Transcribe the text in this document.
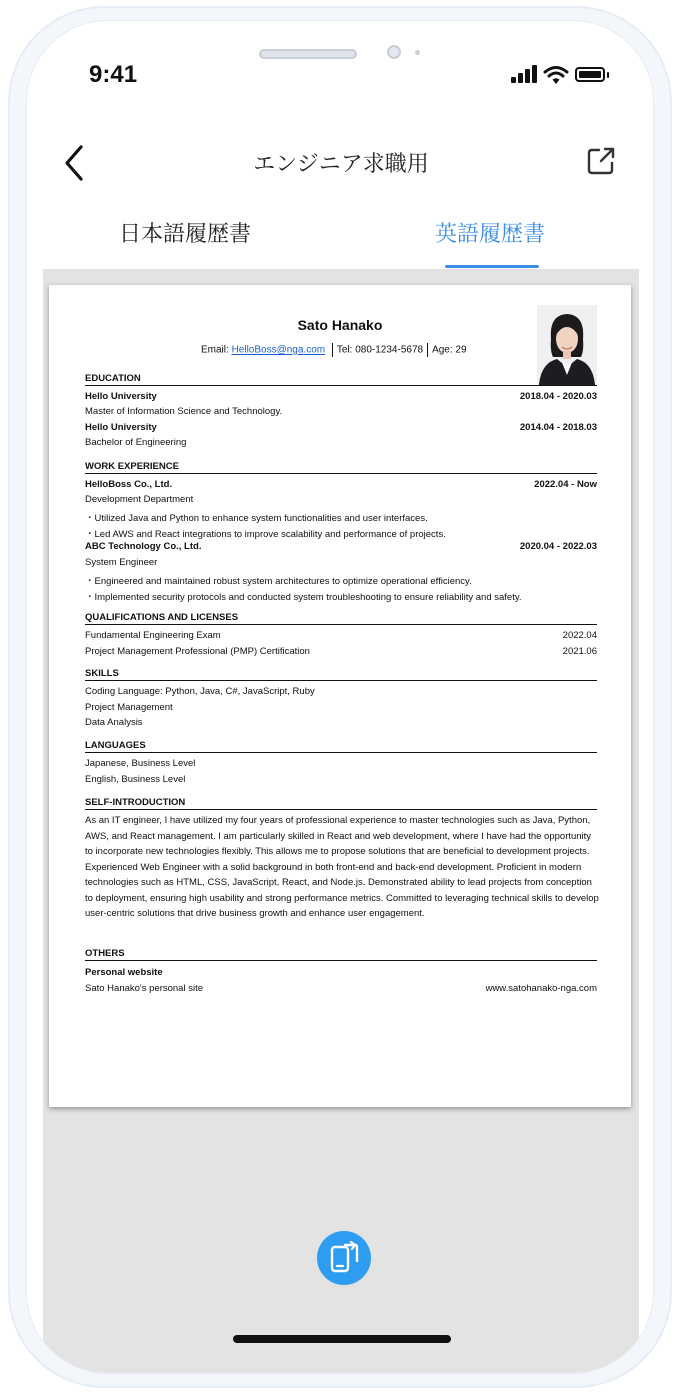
9:41
エンジニア求職用
日本語履歴書	英語履歴書
Sato Hanako
Email: HelloBoss@nga.com Tel: 080-1234-5678 Age: 29
EDUCATION
Hello University	2018.04 - 2020.03
Master of Information Science and Technology.
Hello University	2014.04 - 2018.03
Bachelor of Engineering
WORK EXPERIENCE
HelloBoss Co., Ltd.	2022.04 - Now
Development Department
・Utilized Java and Python to enhance system functionalities and user interfaces.
・Led AWS and React integrations to improve scalability and performance of projects.
ABC Technology Co., Ltd.	2020.04 - 2022.03
System Engineer
・Engineered and maintained robust system architectures to optimize operational efficiency.
・Implemented security protocols and conducted system troubleshooting to ensure reliability and safety.
QUALIFICATIONS AND LICENSES
Fundamental Engineering Exam	2022.04
Project Management Professional (PMP) Certification	2021.06
SKILLS
Coding Language: Python, Java, C#, JavaScript, Ruby
Project Management
Data Analysis
LANGUAGES
Japanese, Business Level
English, Business Level
SELF-INTRODUCTION
As an IT engineer, I have utilized my four years of professional experience to master technologies such as Java, Python, AWS, and React management. I am particularly skilled in React and web development, where I have had the opportunity to incorporate new technologies flexibly. This allows me to propose solutions that are beneficial to development projects.
Experienced Web Engineer with a solid background in both front-end and back-end development. Proficient in modern technologies such as HTML, CSS, JavaScript, React, and Node.js. Demonstrated ability to lead projects from conception to deployment, ensuring high usability and strong performance metrics. Committed to leveraging technical skills to develop user-centric solutions that drive business growth and enhance user engagement.
OTHERS
Personal website
Sato Hanako's personal site	www.satohanako-nga.com
